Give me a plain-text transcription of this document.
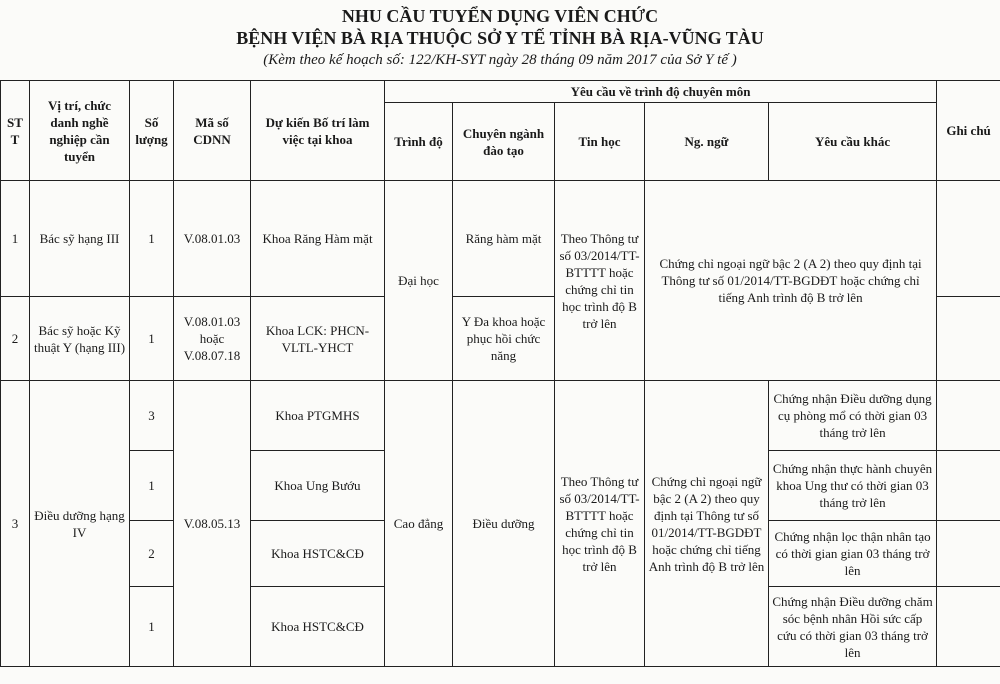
NHU CẦU TUYỂN DỤNG VIÊN CHỨC
BỆNH VIỆN BÀ RỊA THUỘC SỞ Y TẾ TỈNH BÀ RỊA-VŨNG TÀU
(Kèm theo kế hoạch số: 122/KH-SYT ngày 28 tháng 09 năm 2017 của Sở Y tế )
ST T	Vị trí, chức danh nghề nghiệp cần tuyển	Số lượng	Mã số CDNN	Dự kiến Bố trí làm việc tại khoa	Yêu cầu về trình độ chuyên môn					Ghi chú
					Trình độ	Chuyên ngành đào tạo	Tin học	Ng. ngữ	Yêu cầu khác	
1	Bác sỹ hạng III	1	V.08.01.03	Khoa Răng Hàm mặt	Đại học	Răng hàm mặt	Theo Thông tư số 03/2014/TT-BTTTT hoặc chứng chỉ tin học trình độ B trở lên	Chứng chỉ ngoại ngữ bậc 2 (A 2) theo quy định tại Thông tư số 01/2014/TT-BGDĐT hoặc chứng chỉ tiếng Anh trình độ B trở lên		
2	Bác sỹ hoặc Kỹ thuật Y (hạng III)	1	V.08.01.03 hoặc V.08.07.18	Khoa LCK: PHCN-VLTL-YHCT		Y Đa khoa hoặc phục hồi chức năng				
3	Điều dưỡng hạng IV	3	V.08.05.13	Khoa PTGMHS	Cao đẳng	Điều dưỡng	Theo Thông tư số 03/2014/TT-BTTTT hoặc chứng chỉ tin học trình độ B trở lên	Chứng chỉ ngoại ngữ bậc 2 (A 2) theo quy định tại Thông tư số 01/2014/TT-BGDĐT hoặc chứng chỉ tiếng Anh trình độ B trở lên	Chứng nhận Điều dưỡng dụng cụ phòng mổ có thời gian 03 tháng trở lên	
		1		Khoa Ung Bướu					Chứng nhận thực hành chuyên khoa Ung thư có thời gian 03 tháng trở lên	
		2		Khoa HSTC&CĐ					Chứng nhận lọc thận nhân tạo có thời gian gian 03 tháng trở lên	
		1		Khoa HSTC&CĐ					Chứng nhận Điều dưỡng chăm sóc bệnh nhân Hồi sức cấp cứu có thời gian 03 tháng trở lên	
